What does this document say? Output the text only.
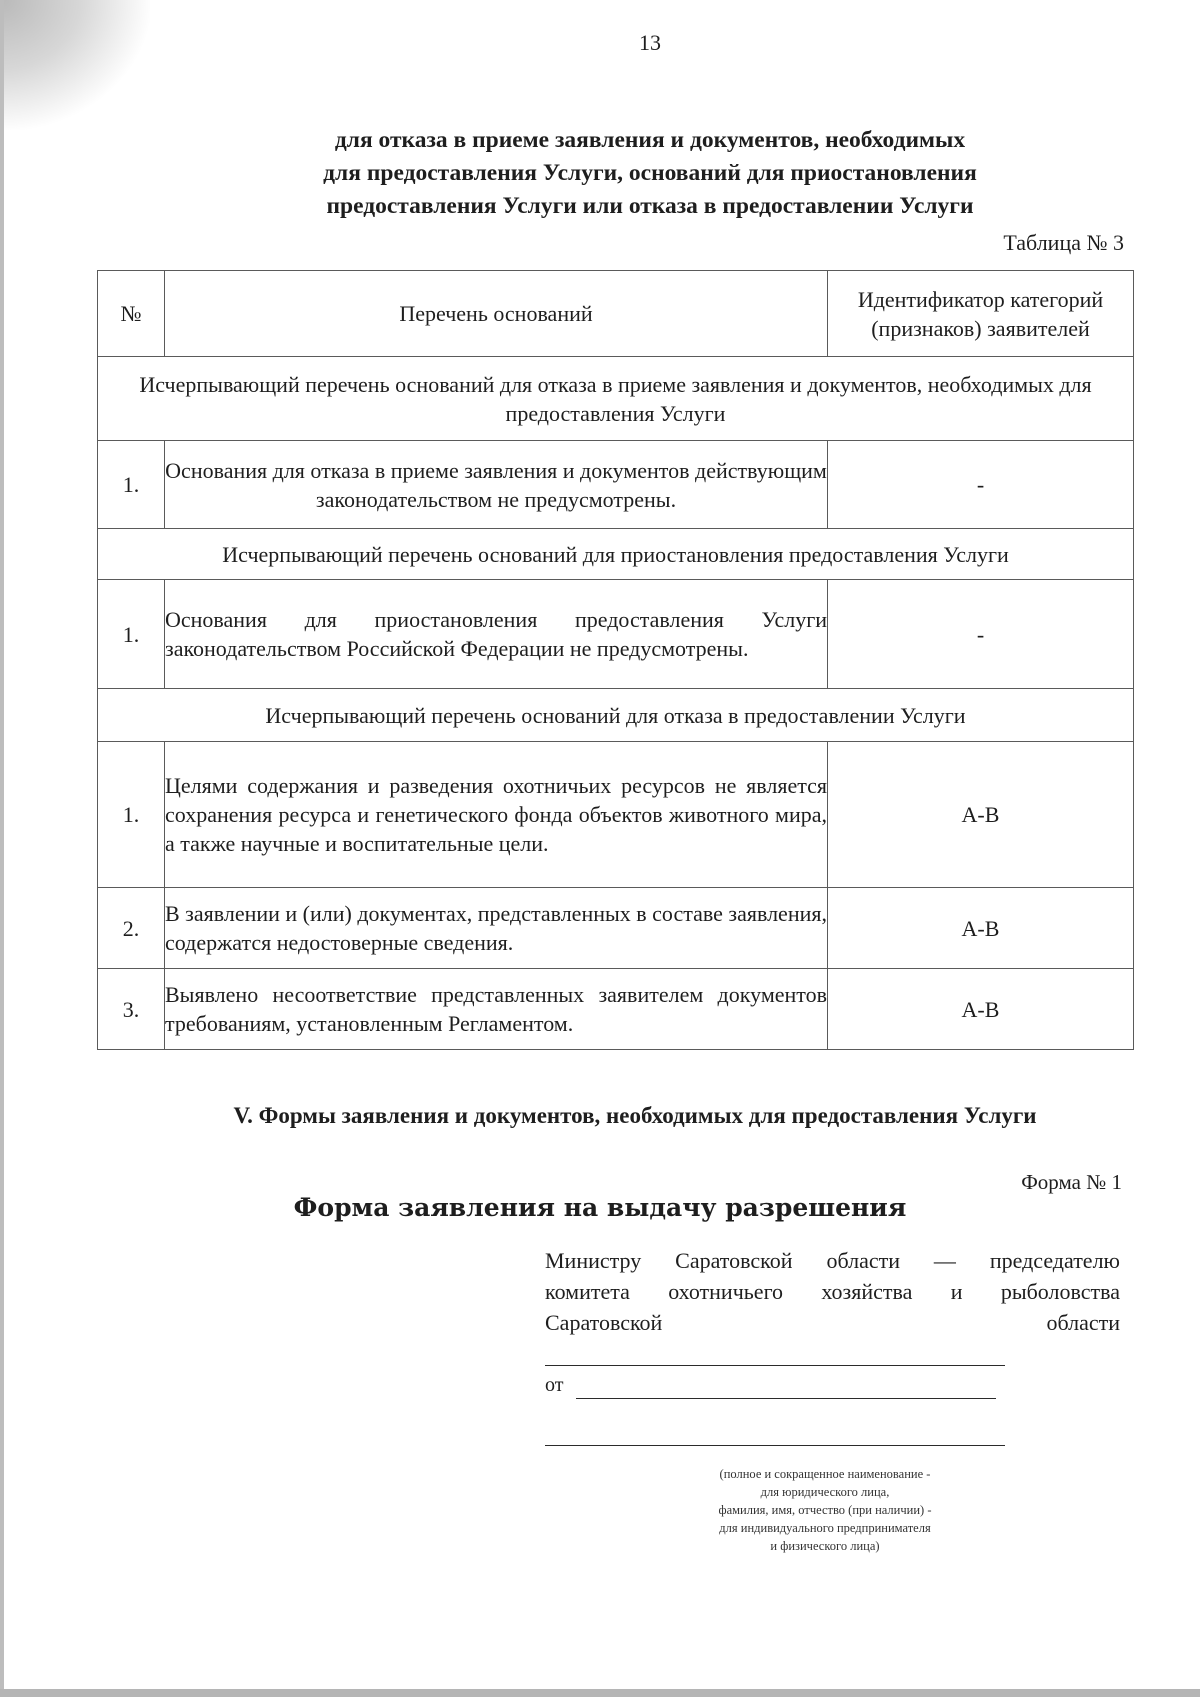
13
для отказа в приеме заявления и документов, необходимых
для предоставления Услуги, оснований для приостановления
предоставления Услуги или отказа в предоставлении Услуги
Таблица № 3
№	Перечень оснований	Идентификатор категорий (признаков) заявителей
Исчерпывающий перечень оснований для отказа в приеме заявления и документов, необходимых для предоставления Услуги		
1.	Основания для отказа в приеме заявления и документов действующим законодательством не предусмотрены.	-
Исчерпывающий перечень оснований для приостановления предоставления Услуги		
1.	Основания для приостановления предоставления Услуги законодательством Российской Федерации не предусмотрены.	-
Исчерпывающий перечень оснований для отказа в предоставлении Услуги		
1.	Целями содержания и разведения охотничьих ресурсов не является сохранения ресурса и генетического фонда объектов животного мира, а также научные и воспитательные цели.	А-В
2.	В заявлении и (или) документах, представленных в составе заявления, содержатся недостоверные сведения.	А-В
3.	Выявлено несоответствие представленных заявителем документов требованиям, установленным Регламентом.	А-В
V. Формы заявления и документов, необходимых для предоставления Услуги
Форма № 1
Форма заявления на выдачу разрешения
Министру Саратовской области — председателю
комитета охотничьего хозяйства и рыболовства
Саратовской	области
от
(полное и сокращенное наименование -
для юридического лица,
фамилия, имя, отчество (при наличии) -
для индивидуального предпринимателя
и физического лица)
